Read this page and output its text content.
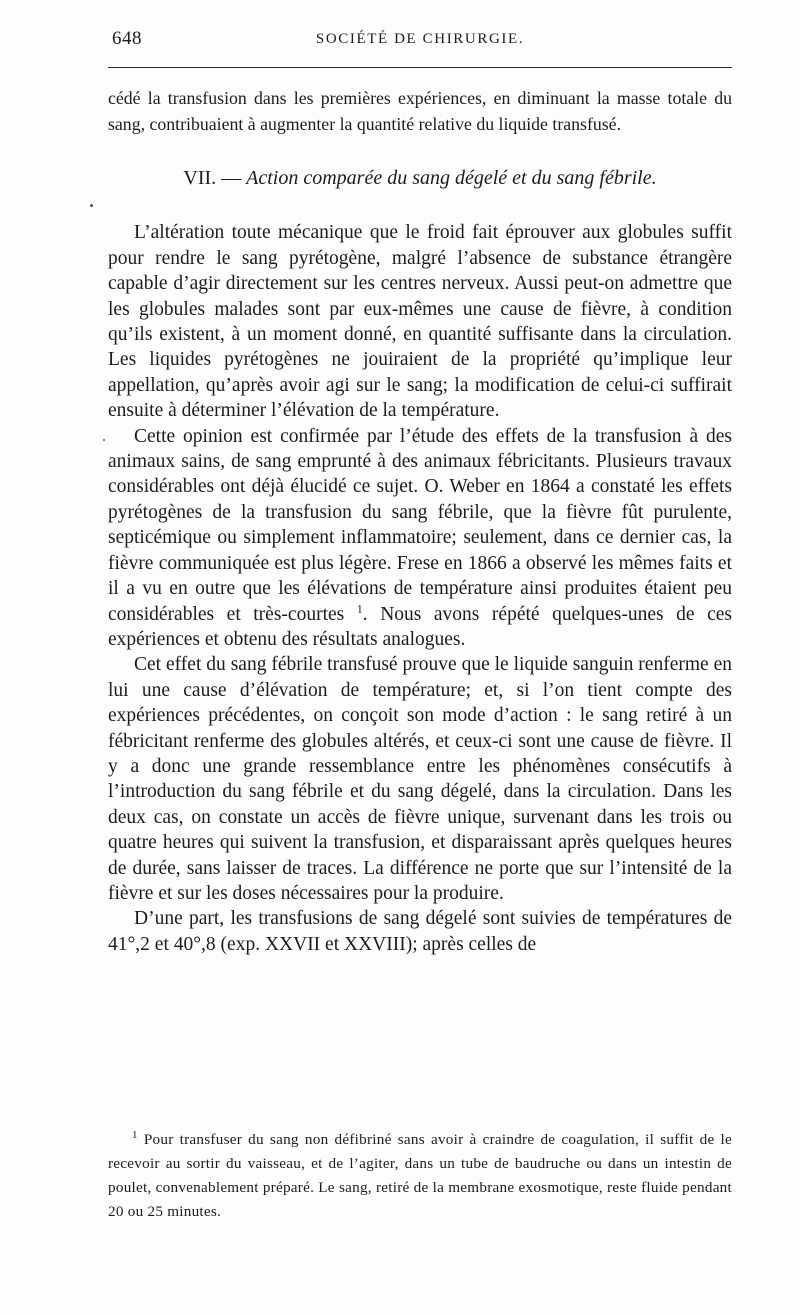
648	SOCIÉTÉ DE CHIRURGIE.

cédé la transfusion dans les premières expériences, en diminuant la masse totale du sang, contribuaient à augmenter la quantité relative du liquide transfusé.

VII. — Action comparée du sang dégelé et du sang fébrile.

L’altération toute mécanique que le froid fait éprouver aux globules suffit pour rendre le sang pyrétogène, malgré l’absence de substance étrangère capable d’agir directement sur les centres nerveux. Aussi peut-on admettre que les globules malades sont par eux-mêmes une cause de fièvre, à condition qu’ils existent, à un moment donné, en quantité suffisante dans la circulation. Les liquides pyrétogènes ne jouiraient de la propriété qu’implique leur appellation, qu’après avoir agi sur le sang; la modification de celui-ci suffirait ensuite à déterminer l’élévation de la température.

Cette opinion est confirmée par l’étude des effets de la transfusion à des animaux sains, de sang emprunté à des animaux fébricitants. Plusieurs travaux considérables ont déjà élucidé ce sujet. O. Weber en 1864 a constaté les effets pyrétogènes de la transfusion du sang fébrile, que la fièvre fût purulente, septicémique ou simplement inflammatoire; seulement, dans ce dernier cas, la fièvre communiquée est plus légère. Frese en 1866 a observé les mêmes faits et il a vu en outre que les élévations de température ainsi produites étaient peu considérables et très-courtes $^1$. Nous avons répété quelques-unes de ces expériences et obtenu des résultats analogues.

Cet effet du sang fébrile transfusé prouve que le liquide sanguin renferme en lui une cause d’élévation de température; et, si l’on tient compte des expériences précédentes, on conçoit son mode d’action : le sang retiré à un fébricitant renferme des globules altérés, et ceux-ci sont une cause de fièvre. Il y a donc une grande ressemblance entre les phénomènes consécutifs à l’introduction du sang fébrile et du sang dégelé, dans la circulation. Dans les deux cas, on constate un accès de fièvre unique, survenant dans les trois ou quatre heures qui suivent la transfusion, et disparaissant après quelques heures de durée, sans laisser de traces. La différence ne porte que sur l’intensité de la fièvre et sur les doses nécessaires pour la produire.

D’une part, les transfusions de sang dégelé sont suivies de températures de 41°,2 et 40°,8 (exp. XXVII et XXVIII); après celles de

$^1$ Pour transfuser du sang non défibriné sans avoir à craindre de coagulation, il suffit de le recevoir au sortir du vaisseau, et de l’agiter, dans un tube de baudruche ou dans un intestin de poulet, convenablement préparé. Le sang, retiré de la membrane exosmotique, reste fluide pendant 20 ou 25 minutes.
